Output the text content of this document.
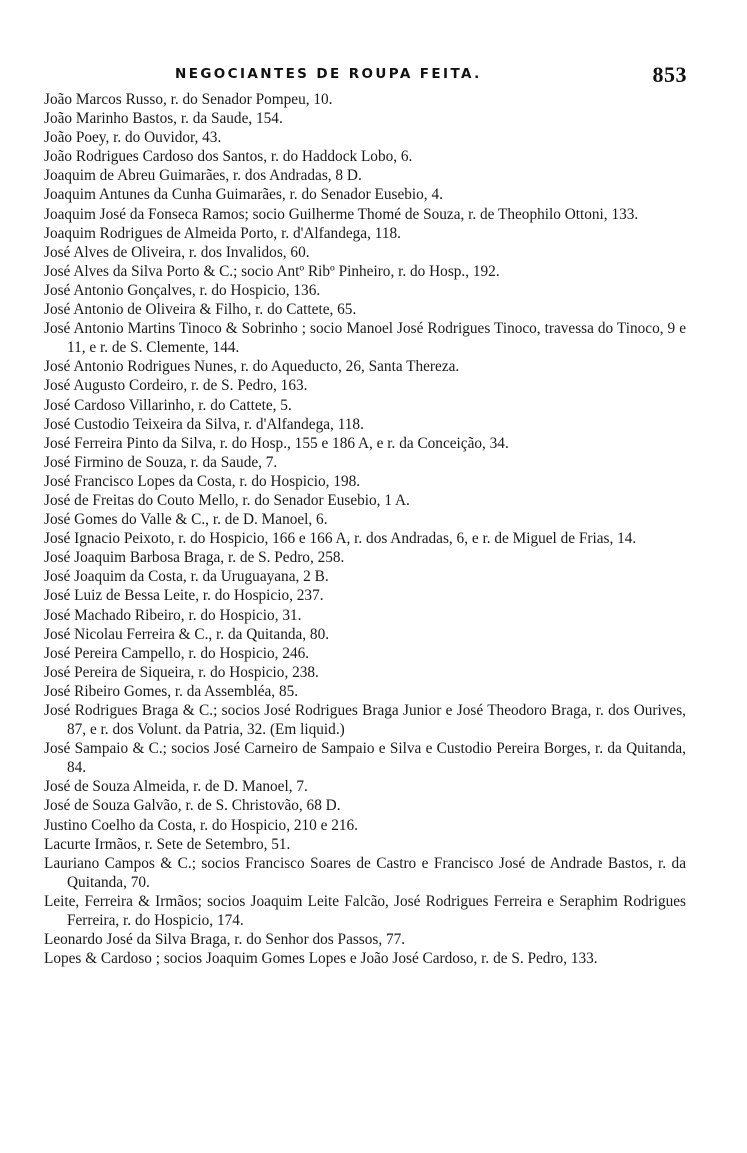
NEGOCIANTES DE ROUPA FEITA.	853
João Marcos Russo, r. do Senador Pompeu, 10.
João Marinho Bastos, r. da Saude, 154.
João Poey, r. do Ouvidor, 43.
João Rodrigues Cardoso dos Santos, r. do Haddock Lobo, 6.
Joaquim de Abreu Guimarães, r. dos Andradas, 8 D.
Joaquim Antunes da Cunha Guimarães, r. do Senador Eusebio, 4.
Joaquim José da Fonseca Ramos; socio Guilherme Thomé de Souza, r. de Theophilo Ottoni, 133.
Joaquim Rodrigues de Almeida Porto, r. d'Alfandega, 118.
José Alves de Oliveira, r. dos Invalidos, 60.
José Alves da Silva Porto & C.; socio Antº Ribº Pinheiro, r. do Hosp., 192.
José Antonio Gonçalves, r. do Hospicio, 136.
José Antonio de Oliveira & Filho, r. do Cattete, 65.
José Antonio Martins Tinoco & Sobrinho ; socio Manoel José Rodrigues Tinoco, travessa do Tinoco, 9 e 11, e r. de S. Clemente, 144.
José Antonio Rodrigues Nunes, r. do Aqueducto, 26, Santa Thereza.
José Augusto Cordeiro, r. de S. Pedro, 163.
José Cardoso Villarinho, r. do Cattete, 5.
José Custodio Teixeira da Silva, r. d'Alfandega, 118.
José Ferreira Pinto da Silva, r. do Hosp., 155 e 186 A, e r. da Conceição, 34.
José Firmino de Souza, r. da Saude, 7.
José Francisco Lopes da Costa, r. do Hospicio, 198.
José de Freitas do Couto Mello, r. do Senador Eusebio, 1 A.
José Gomes do Valle & C., r. de D. Manoel, 6.
José Ignacio Peixoto, r. do Hospicio, 166 e 166 A, r. dos Andradas, 6, e r. de Miguel de Frias, 14.
José Joaquim Barbosa Braga, r. de S. Pedro, 258.
José Joaquim da Costa, r. da Uruguayana, 2 B.
José Luiz de Bessa Leite, r. do Hospicio, 237.
José Machado Ribeiro, r. do Hospicio, 31.
José Nicolau Ferreira & C., r. da Quitanda, 80.
José Pereira Campello, r. do Hospicio, 246.
José Pereira de Siqueira, r. do Hospicio, 238.
José Ribeiro Gomes, r. da Assembléa, 85.
José Rodrigues Braga & C.; socios José Rodrigues Braga Junior e José Theodoro Braga, r. dos Ourives, 87, e r. dos Volunt. da Patria, 32. (Em liquid.)
José Sampaio & C.; socios José Carneiro de Sampaio e Silva e Custodio Pereira Borges, r. da Quitanda, 84.
José de Souza Almeida, r. de D. Manoel, 7.
José de Souza Galvão, r. de S. Christovão, 68 D.
Justino Coelho da Costa, r. do Hospicio, 210 e 216.
Lacurte Irmãos, r. Sete de Setembro, 51.
Lauriano Campos & C.; socios Francisco Soares de Castro e Francisco José de Andrade Bastos, r. da Quitanda, 70.
Leite, Ferreira & Irmãos; socios Joaquim Leite Falcão, José Rodrigues Ferreira e Seraphim Rodrigues Ferreira, r. do Hospicio, 174.
Leonardo José da Silva Braga, r. do Senhor dos Passos, 77.
Lopes & Cardoso ; socios Joaquim Gomes Lopes e João José Cardoso, r. de S. Pedro, 133.
